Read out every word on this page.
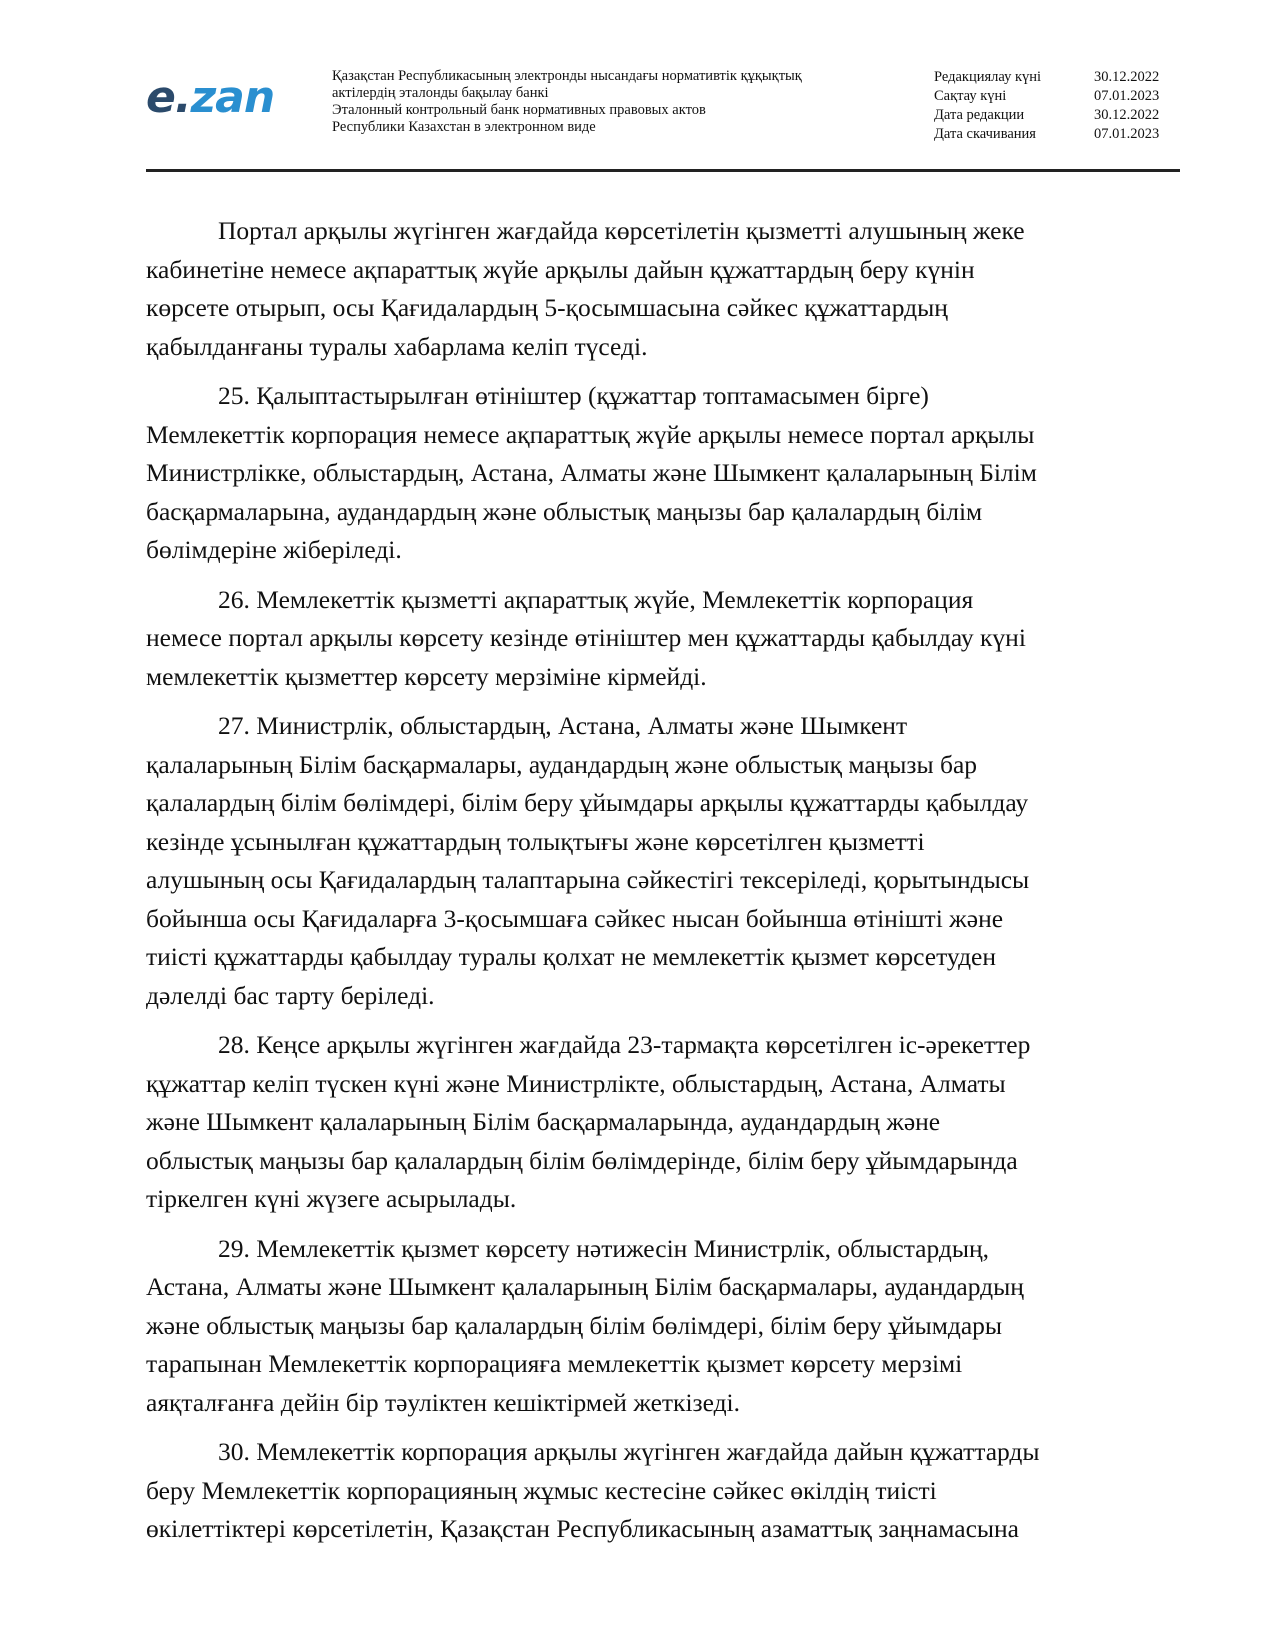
e.zan	Қазақстан Республикасының электронды нысандағы нормативтік құқықтық
актілердің эталонды бақылау банкі
Эталонный контрольный банк нормативных правовых актов
Республики Казахстан в электронном виде
Редакциялау күні	30.12.2022
Сақтау күні	07.01.2023
Дата редакции	30.12.2022
Дата скачивания	07.01.2023

Портал арқылы жүгінген жағдайда көрсетілетін қызметті алушының жеке
кабинетіне немесе ақпараттық жүйе арқылы дайын құжаттардың беру күнін
көрсете отырып, осы Қағидалардың 5-қосымшасына сәйкес құжаттардың
қабылданғаны туралы хабарлама келіп түседі.

25. Қалыптастырылған өтініштер (құжаттар топтамасымен бірге)
Мемлекеттік корпорация немесе ақпараттық жүйе арқылы немесе портал арқылы
Министрлікке, облыстардың, Астана, Алматы және Шымкент қалаларының Білім
басқармаларына, аудандардың және облыстық маңызы бар қалалардың білім
бөлімдеріне жіберіледі.

26. Мемлекеттік қызметті ақпараттық жүйе, Мемлекеттік корпорация
немесе портал арқылы көрсету кезінде өтініштер мен құжаттарды қабылдау күні
мемлекеттік қызметтер көрсету мерзіміне кірмейді.

27. Министрлік, облыстардың, Астана, Алматы және Шымкент
қалаларының Білім басқармалары, аудандардың және облыстық маңызы бар
қалалардың білім бөлімдері, білім беру ұйымдары арқылы құжаттарды қабылдау
кезінде ұсынылған құжаттардың толықтығы және көрсетілген қызметті
алушының осы Қағидалардың талаптарына сәйкестігі тексеріледі, қорытындысы
бойынша осы Қағидаларға 3-қосымшаға сәйкес нысан бойынша өтінішті және
тиісті құжаттарды қабылдау туралы қолхат не мемлекеттік қызмет көрсетуден
дәлелді бас тарту беріледі.

28. Кеңсе арқылы жүгінген жағдайда 23-тармақта көрсетілген іс-әрекеттер
құжаттар келіп түскен күні және Министрлікте, облыстардың, Астана, Алматы
және Шымкент қалаларының Білім басқармаларында, аудандардың және
облыстық маңызы бар қалалардың білім бөлімдерінде, білім беру ұйымдарында
тіркелген күні жүзеге асырылады.

29. Мемлекеттік қызмет көрсету нәтижесін Министрлік, облыстардың,
Астана, Алматы және Шымкент қалаларының Білім басқармалары, аудандардың
және облыстық маңызы бар қалалардың білім бөлімдері, білім беру ұйымдары
тарапынан Мемлекеттік корпорацияға мемлекеттік қызмет көрсету мерзімі
аяқталғанға дейін бір тәуліктен кешіктірмей жеткізеді.

30. Мемлекеттік корпорация арқылы жүгінген жағдайда дайын құжаттарды
беру Мемлекеттік корпорацияның жұмыс кестесіне сәйкес өкілдің тиісті
өкілеттіктері көрсетілетін, Қазақстан Республикасының азаматтық заңнамасына
